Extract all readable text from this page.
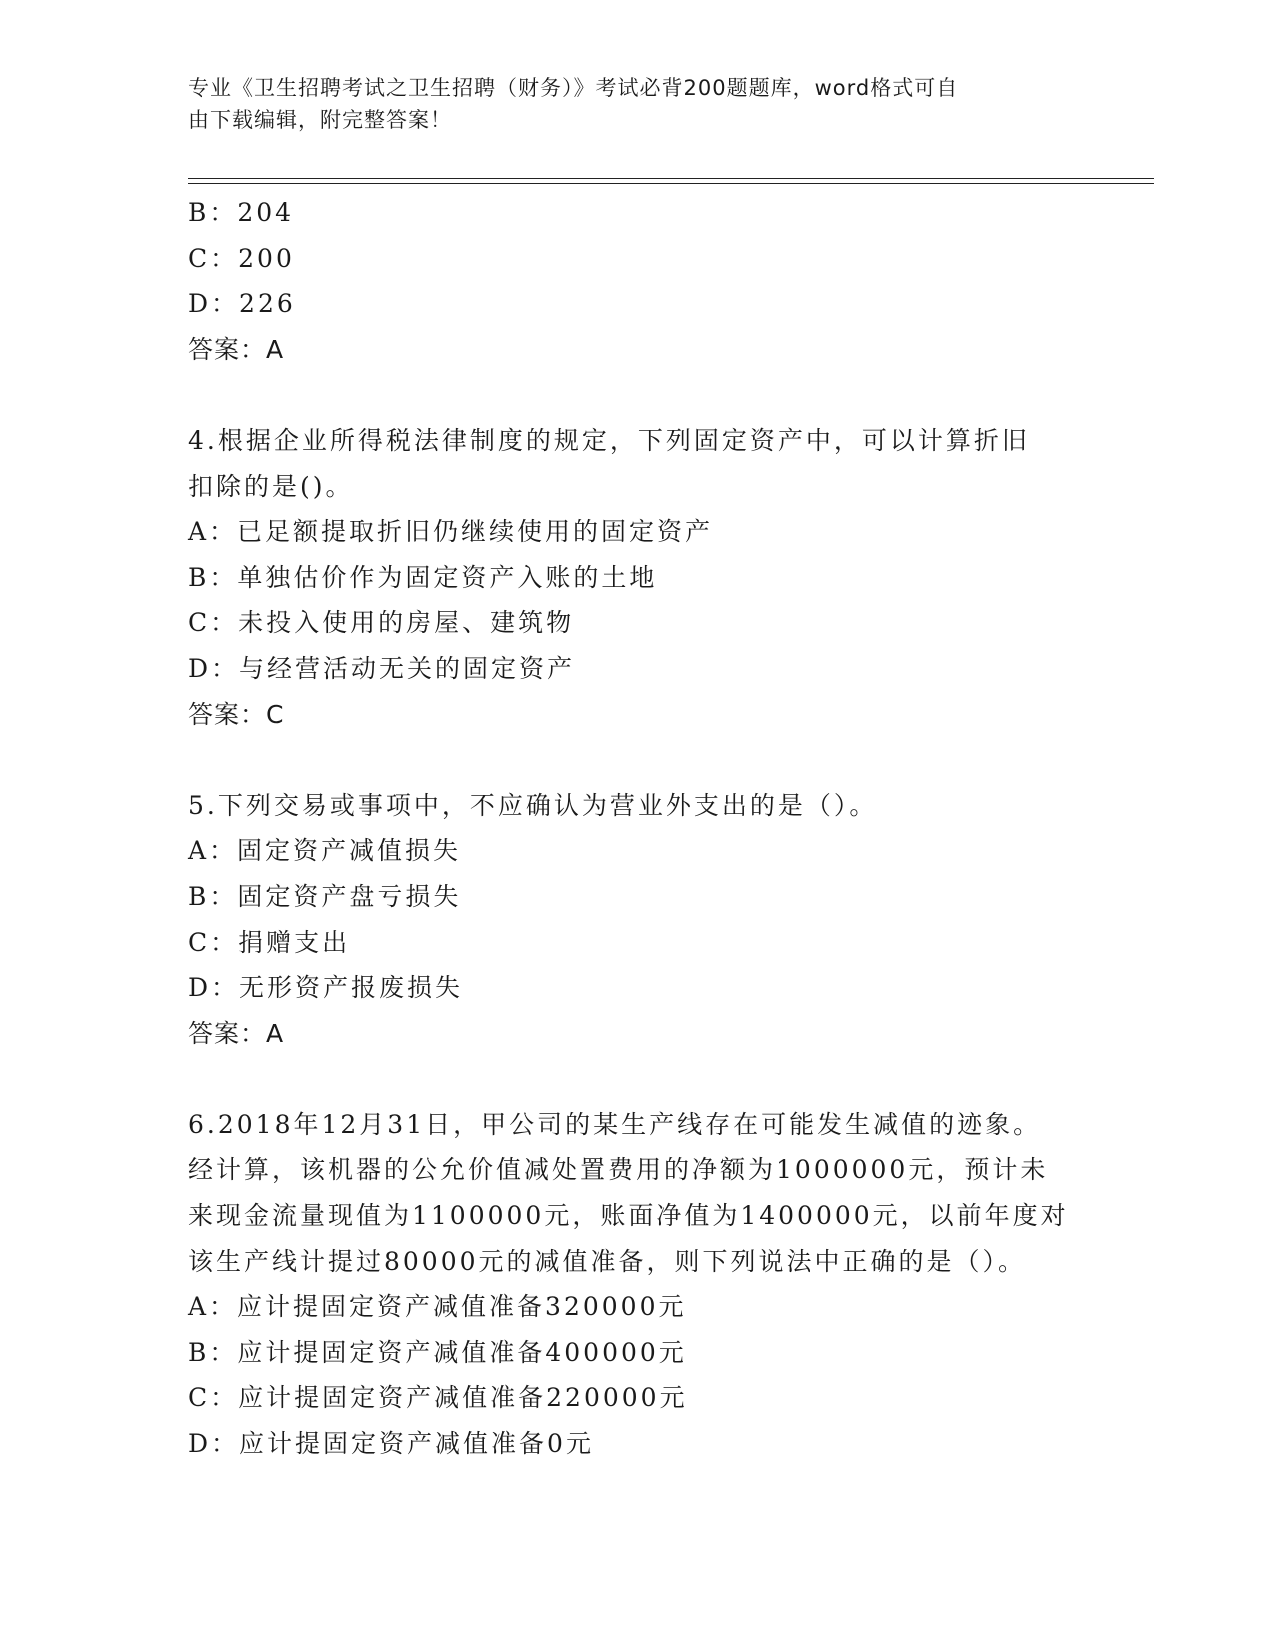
专业《卫生招聘考试之卫生招聘（财务）》考试必背200题题库，word格式可自
由下载编辑，附完整答案！
B：204
C：200
D：226
答案：A
4.根据企业所得税法律制度的规定，下列固定资产中，可以计算折旧
扣除的是()。
A：已足额提取折旧仍继续使用的固定资产
B：单独估价作为固定资产入账的土地
C：未投入使用的房屋、建筑物
D：与经营活动无关的固定资产
答案：C
5.下列交易或事项中，不应确认为营业外支出的是（）。
A：固定资产减值损失
B：固定资产盘亏损失
C：捐赠支出
D：无形资产报废损失
答案：A
6.2018年12月31日，甲公司的某生产线存在可能发生减值的迹象。
经计算，该机器的公允价值减处置费用的净额为1000000元，预计未
来现金流量现值为1100000元，账面净值为1400000元，以前年度对
该生产线计提过80000元的减值准备，则下列说法中正确的是（）。
A：应计提固定资产减值准备320000元
B：应计提固定资产减值准备400000元
C：应计提固定资产减值准备220000元
D：应计提固定资产减值准备0元
